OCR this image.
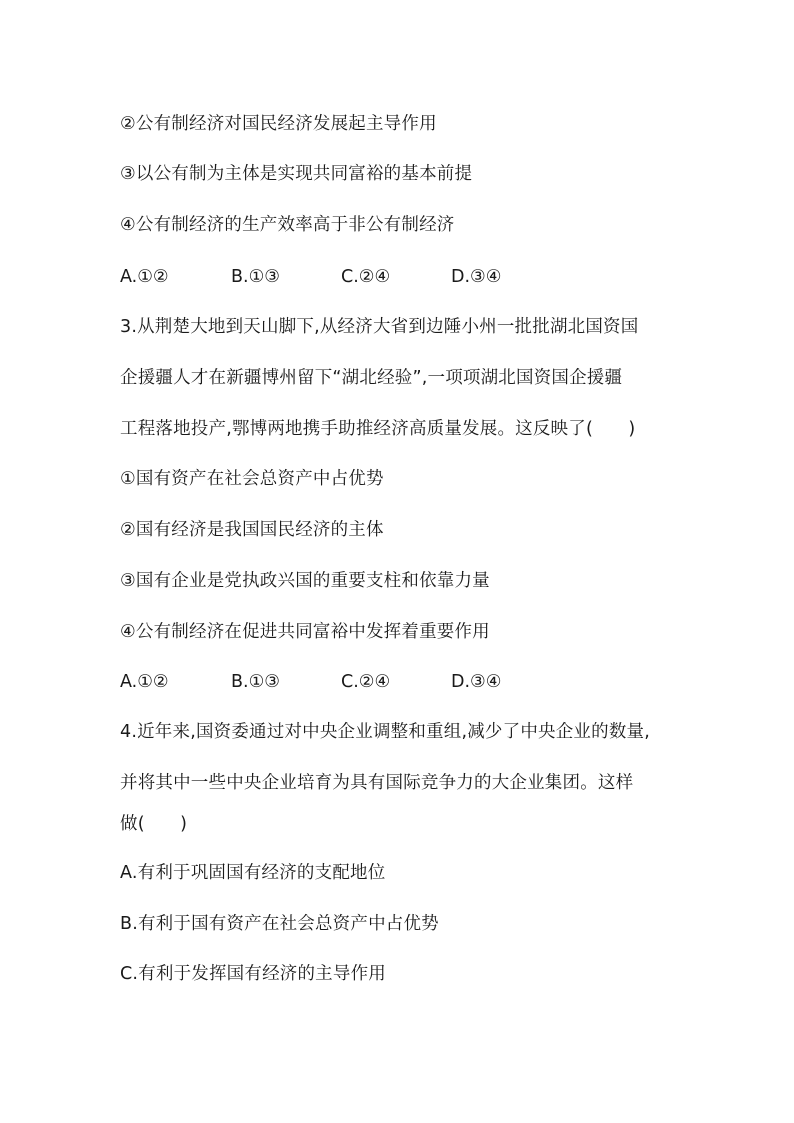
②公有制经济对国民经济发展起主导作用
③以公有制为主体是实现共同富裕的基本前提
④公有制经济的生产效率高于非公有制经济
A.①②	B.①③	C.②④	D.③④
3.从荆楚大地到天山脚下,从经济大省到边陲小州一批批湖北国资国
企援疆人才在新疆博州留下“湖北经验”,一项项湖北国资国企援疆
工程落地投产,鄂博两地携手助推经济高质量发展。这反映了(　　)
①国有资产在社会总资产中占优势
②国有经济是我国国民经济的主体
③国有企业是党执政兴国的重要支柱和依靠力量
④公有制经济在促进共同富裕中发挥着重要作用
A.①②	B.①③	C.②④	D.③④
4.近年来,国资委通过对中央企业调整和重组,减少了中央企业的数量,
并将其中一些中央企业培育为具有国际竞争力的大企业集团。这样
做(　　)
A.有利于巩固国有经济的支配地位
B.有利于国有资产在社会总资产中占优势
C.有利于发挥国有经济的主导作用
